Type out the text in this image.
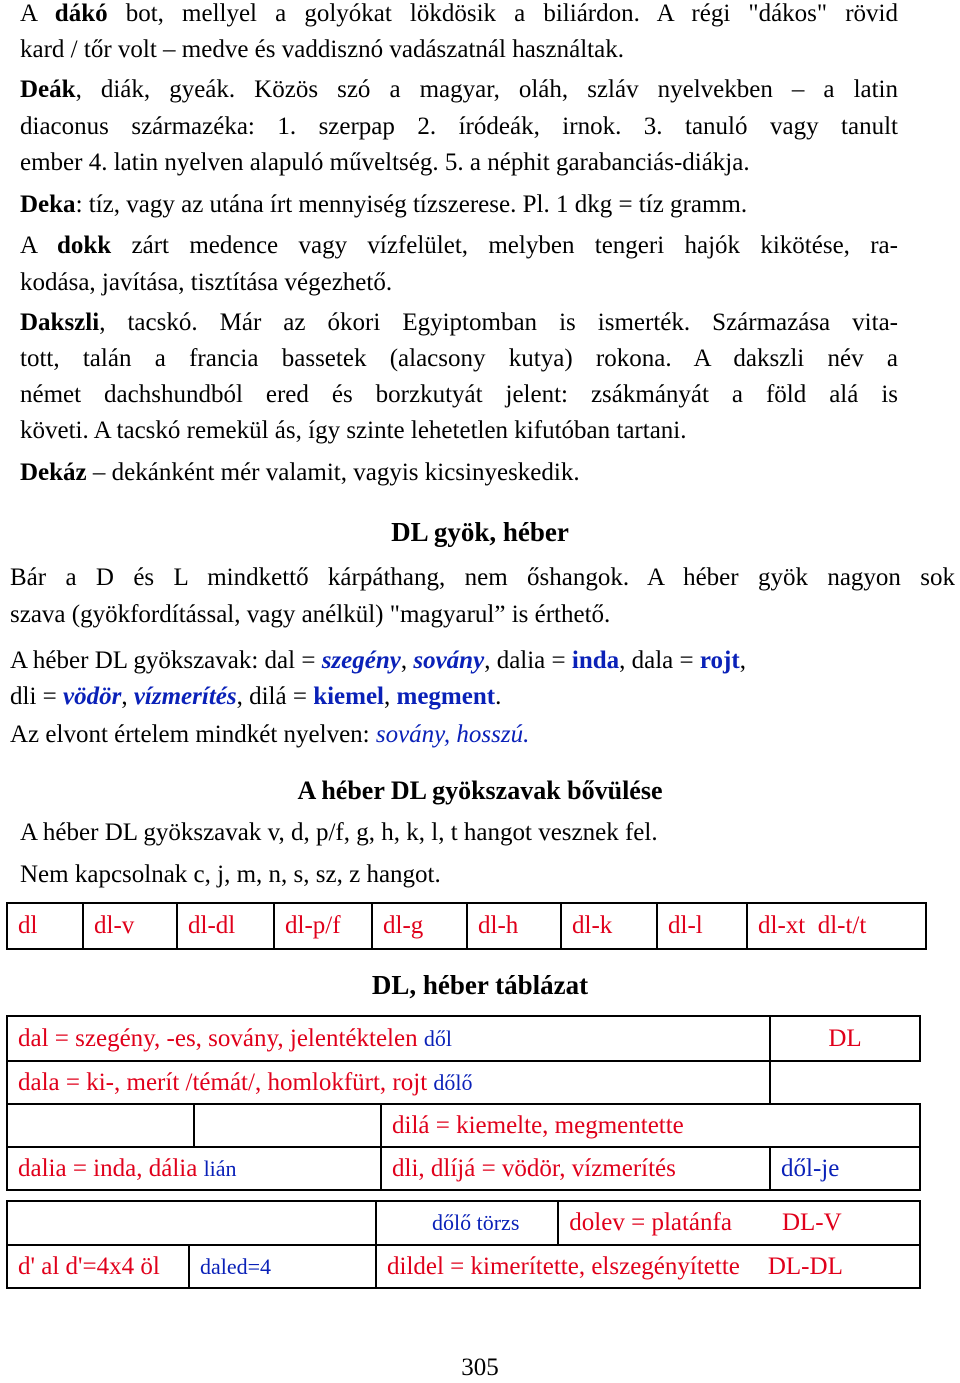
A dákó bot, mellyel a golyókat lökdösik a biliárdon. A régi "dákos" rövid
kard / tőr volt – medve és vaddisznó vadászatnál használtak.
Deák, diák, gyeák. Közös szó a magyar, oláh, szláv nyelvekben – a latin
diaconus származéka: 1. szerpap 2. íródeák, irnok. 3. tanuló vagy tanult
ember 4. latin nyelven alapuló műveltség. 5. a néphit garabanciás-diákja.
Deka: tíz, vagy az utána írt mennyiség tízszerese. Pl. 1 dkg = tíz gramm.
A dokk zárt medence vagy vízfelület, melyben tengeri hajók kikötése, ra-
kodása, javítása, tisztítása végezhető.
Dakszli, tacskó. Már az ókori Egyiptomban is ismerték. Származása vita-
tott, talán a francia bassetek (alacsony kutya) rokona. A dakszli név a
német dachshundból ered és borzkutyát jelent: zsákmányát a föld alá is
követi. A tacskó remekül ás, így szinte lehetetlen kifutóban tartani.
Dekáz – dekánként mér valamit, vagyis kicsinyeskedik.
DL gyök, héber
Bár a D és L mindkettő kárpáthang, nem őshangok. A héber gyök nagyon sok
szava (gyökfordítással, vagy anélkül) "magyarul” is érthető.
A héber DL gyökszavak: dal = szegény, sovány, dalia = inda, dala = rojt,
dli = vödör, vízmerítés, dilá = kiemel, megment.
Az elvont értelem mindkét nyelven: sovány, hosszú.
A héber DL gyökszavak bővülése
A héber DL gyökszavak v, d, p/f, g, h, k, l, t hangot vesznek fel.
Nem kapcsolnak c, j, m, n, s, sz, z hangot.
dl	dl-v	dl-dl	dl-p/f	dl-g	dl-h	dl-k	dl-l	dl-xt  dl-t/t
DL, héber táblázat
dal = szegény, -es, sovány, jelentéktelen dől			DL
dala = ki-, merít /témát/, homlokfürt, rojt dőlő			
		dilá = kiemelte, megmentette	
dalia = inda, dália lián		dli, dlíjá = vödör, vízmerítés	dől-je
		dőlő törzs	dolev = platánfa DL-V
d' al d'=4x4 öl	daled=4	dildel = kimerítette, elszegényítette DL-DL	
305
